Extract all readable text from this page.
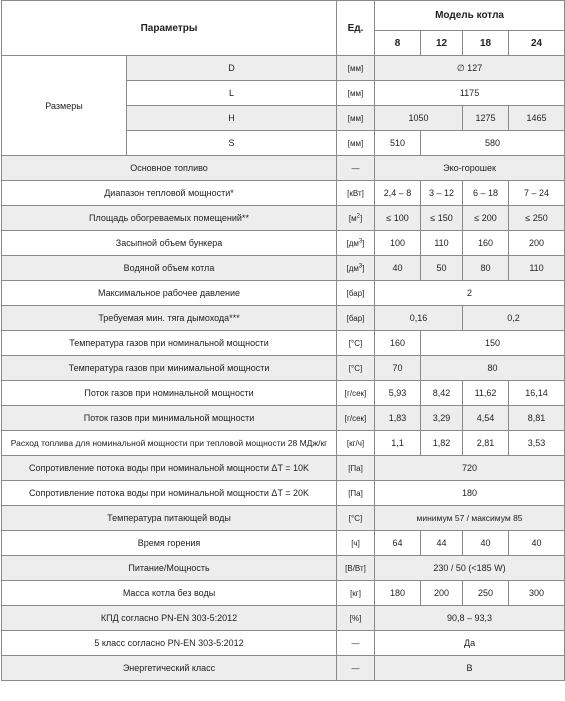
Параметры		Ед.	Модель котла			
			8	12	18	24
Размеры	D	[мм]	∅ 127			
	L	[мм]	1175			
	H	[мм]	1050		1275	1465
	S	[мм]	510	580		
Основное топливо		—	Эко-горошек			
Диапазон тепловой мощности*		[кВт]	2,4 – 8	3 – 12	6 – 18	7 – 24
Площадь обогреваемых помещений**		$[м^2]$	≤ 100	≤ 150	≤ 200	≤ 250
Засыпной объем бункера		$[дм^3]$	100	110	160	200
Водяной объем котла		$[дм^3]$	40	50	80	110
Максимальное рабочее давление		[бар]	2			
Требуемая мин. тяга дымохода***		[бар]	0,16		0,2	
Температура газов при номинальной мощности		[°C]	160	150		
Температура газов при минимальной мощности		[°C]	70	80		
Поток газов при номинальной мощности		[г/сек]	5,93	8,42	11,62	16,14
Поток газов при минимальной мощности		[г/сек]	1,83	3,29	4,54	8,81
Расход топлива для номинальной мощности при тепловой мощности 28 МДж/кг		[кг/ч]	1,1	1,82	2,81	3,53
Сопротивление потока воды при номинальной мощности ΔT = 10K		[Па]	720			
Сопротивление потока воды при номинальной мощности ΔT = 20K		[Па]	180			
Температура питающей воды		[°C]	минимум 57 / максимум 85			
Время горения		[ч]	64	44	40	40
Питание/Мощность		[В/Вт]	230 / 50 (<185 W)			
Масса котла без воды		[кг]	180	200	250	300
КПД согласно PN-EN 303-5:2012		[%]	90,8 – 93,3			
5 класс согласно PN-EN 303-5:2012		—	Да			
Энергетический класс		—	B			
